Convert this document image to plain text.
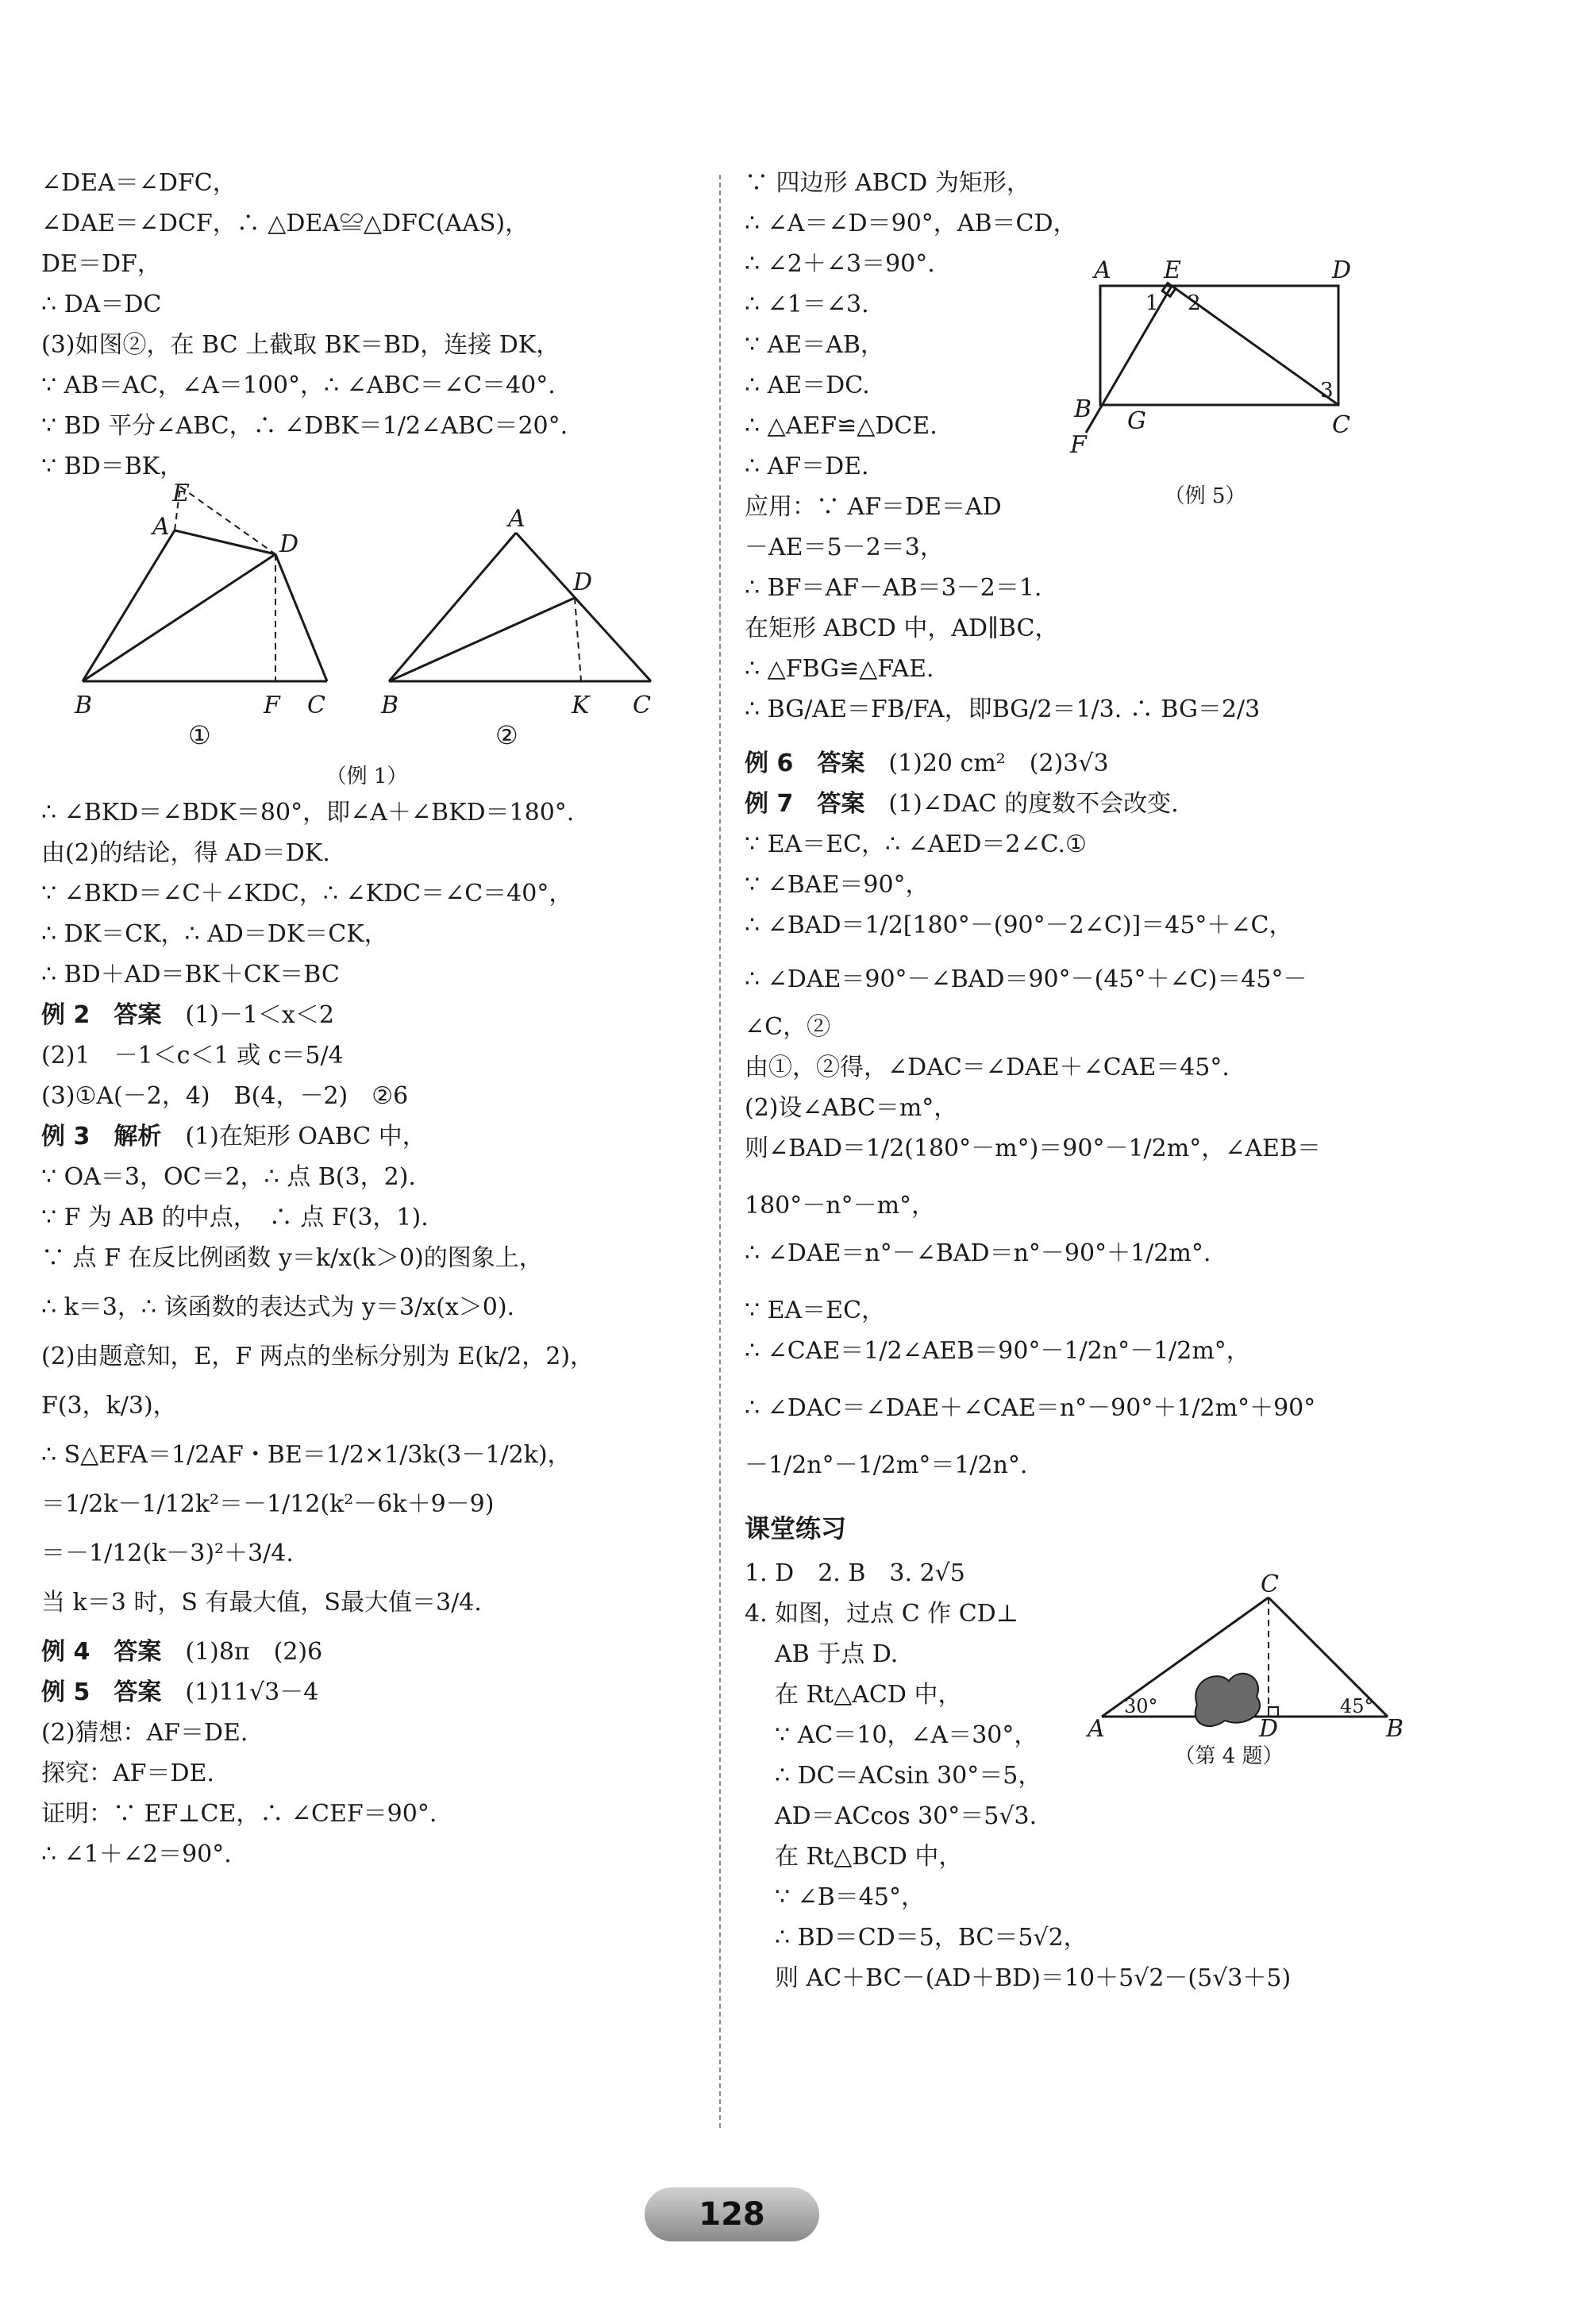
∠DEA＝∠DFC，
∠DAE＝∠DCF，∴ △DEA≌△DFC(AAS)，
DE＝DF，
∴ DA＝DC
(3)如图②，在 BC 上截取 BK＝BD，连接 DK，
∵ AB＝AC，∠A＝100°，∴ ∠ABC＝∠C＝40°.
∵ BD 平分∠ABC，∴ ∠DBK＝1/2∠ABC＝20°.
∵ BD＝BK，
E
A
D
B	F C
A
D
B	K C
①	②
（例 1）
∴ ∠BKD＝∠BDK＝80°，即∠A＋∠BKD＝180°.
由(2)的结论，得 AD＝DK.
∵ ∠BKD＝∠C＋∠KDC，∴ ∠KDC＝∠C＝40°，
∴ DK＝CK，∴ AD＝DK＝CK，
∴ BD＋AD＝BK＋CK＝BC
例 2　答案　 (1)－1＜x＜2
(2)1　－1＜c＜1 或 c＝5/4
(3)①A(－2，4)　B(4，－2)　②6
例 3　解析　 (1)在矩形 OABC 中，
∵ OA＝3，OC＝2，∴ 点 B(3，2).
∵ F 为 AB 的中点，　∴ 点 F(3，1).
∵ 点 F 在反比例函数 y＝k/x(k＞0)的图象上，
∴ k＝3，∴ 该函数的表达式为 y＝3/x(x＞0).
(2)由题意知，E，F 两点的坐标分别为 E(k/2，2)，
F(3，k/3)，
∴ S△EFA＝1/2AF・BE＝1/2×1/3k(3－1/2k)，
＝1/2k－1/12k²＝－1/12(k²－6k＋9－9)
＝－1/12(k－3)²＋3/4.
当 k＝3 时，S 有最大值，S最大值＝3/4.
例 4　答案　 (1)8π　(2)6
例 5　答案　 (1)11√3－4
(2)猜想：AF＝DE.
探究：AF＝DE.
证明：∵ EF⊥CE，∴ ∠CEF＝90°.
∴ ∠1＋∠2＝90°.
∵ 四边形 ABCD 为矩形，
∴ ∠A＝∠D＝90°，AB＝CD，
∴ ∠2＋∠3＝90°.
∴ ∠1＝∠3.
∵ AE＝AB，
∴ AE＝DC.
∴ △AEF≌△DCE.
∴ AF＝DE.
应用：∵ AF＝DE＝AD
－AE＝5－2＝3，
∴ BF＝AF－AB＝3－2＝1.
在矩形 ABCD 中，AD∥BC，
∴ △FBG≌△FAE.
∴ BG/AE＝FB/FA，即BG/2＝1/3. ∴ BG＝2/3
A E	D
1 2
3
B G	C
F
（例 5）
例 6　答案　 (1)20 cm²　(2)3√3
例 7　答案　 (1)∠DAC 的度数不会改变.
∵ EA＝EC，∴ ∠AED＝2∠C.①
∵ ∠BAE＝90°，
∴ ∠BAD＝1/2[180°－(90°－2∠C)]＝45°＋∠C，
∴ ∠DAE＝90°－∠BAD＝90°－(45°＋∠C)＝45°－
∠C，②
由①，②得，∠DAC＝∠DAE＋∠CAE＝45°.
(2)设∠ABC＝m°，
则∠BAD＝1/2(180°－m°)＝90°－1/2m°，∠AEB＝
180°－n°－m°，
∴ ∠DAE＝n°－∠BAD＝n°－90°＋1/2m°.
∵ EA＝EC，
∴ ∠CAE＝1/2∠AEB＝90°－1/2n°－1/2m°，
∴ ∠DAC＝∠DAE＋∠CAE＝n°－90°＋1/2m°＋90°
－1/2n°－1/2m°＝1/2n°.
课堂练习
1. D　2. B　3. 2√5
4. 如图，过点 C 作 CD⊥
AB 于点 D.
在 Rt△ACD 中，
∵ AC＝10，∠A＝30°，
∴ DC＝ACsin 30°＝5，
AD＝ACcos 30°＝5√3.
在 Rt△BCD 中，
∵ ∠B＝45°，
∴ BD＝CD＝5，BC＝5√2，
则 AC＋BC－(AD＋BD)＝10＋5√2－(5√3＋5)
C
A	D	B
30°	45°
（第 4 题）
128
